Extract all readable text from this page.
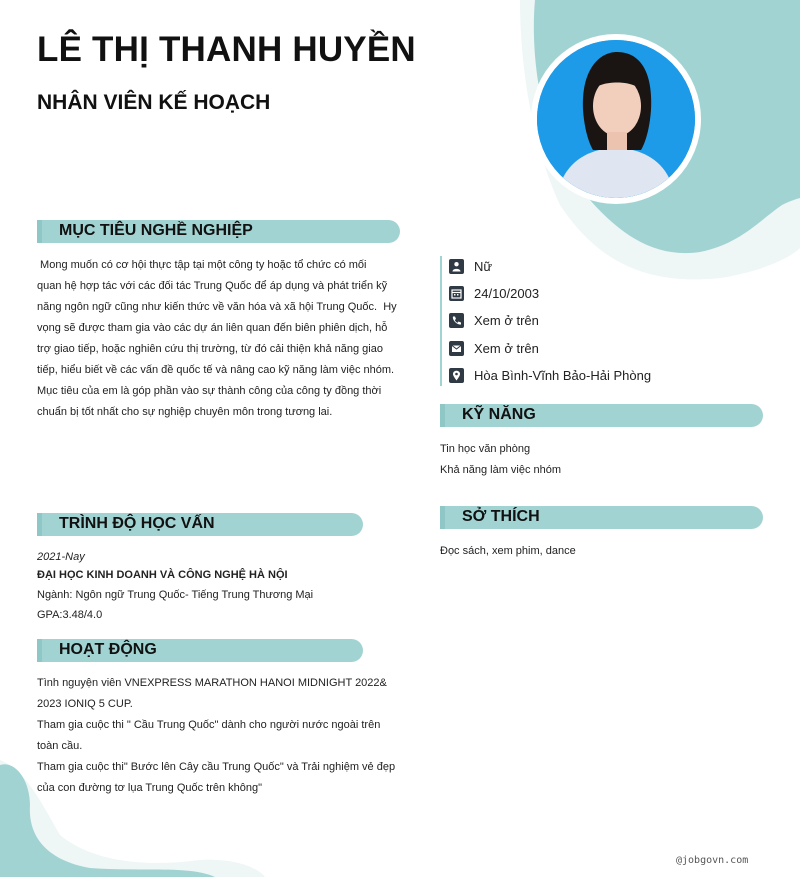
LÊ THỊ THANH HUYỀN
NHÂN VIÊN KẾ HOẠCH
MỤC TIÊU NGHỀ NGHIỆP
Mong muốn có cơ hội thực tập tại một công ty hoặc tổ chức có mối
quan hệ hợp tác với các đối tác Trung Quốc để áp dụng và phát triển kỹ
năng ngôn ngữ cũng như kiến thức về văn hóa và xã hội Trung Quốc.  Hy
vọng sẽ được tham gia vào các dự án liên quan đến biên phiên dịch, hỗ
trợ giao tiếp, hoặc nghiên cứu thị trường, từ đó cải thiện khả năng giao
tiếp, hiểu biết về các vấn đề quốc tế và nâng cao kỹ năng làm việc nhóm.
Mục tiêu của em là góp phần vào sự thành công của công ty đồng thời
chuẩn bị tốt nhất cho sự nghiệp chuyên môn trong tương lai.
TRÌNH ĐỘ HỌC VẤN
2021-Nay
ĐẠI HỌC KINH DOANH VÀ CÔNG NGHỆ HÀ NỘI
Ngành: Ngôn ngữ Trung Quốc- Tiếng Trung Thương Mại
GPA:3.48/4.0
HOẠT ĐỘNG
Tình nguyện viên VNEXPRESS MARATHON HANOI MIDNIGHT 2022&
2023 IONIQ 5 CUP.
Tham gia cuộc thi " Cầu Trung Quốc" dành cho người nước ngoài trên
toàn cầu.
Tham gia cuộc thi" Bước lên Cây cầu Trung Quốc" và Trải nghiệm vẻ đẹp
của con đường tơ lụa Trung Quốc trên không"
Nữ
24/10/2003
Xem ở trên
Xem ở trên
Hòa Bình-Vĩnh Bảo-Hải Phòng
KỸ NĂNG
Tin học văn phòng
Khả năng làm việc nhóm
SỞ THÍCH
Đọc sách, xem phim, dance
@jobgovn.com
